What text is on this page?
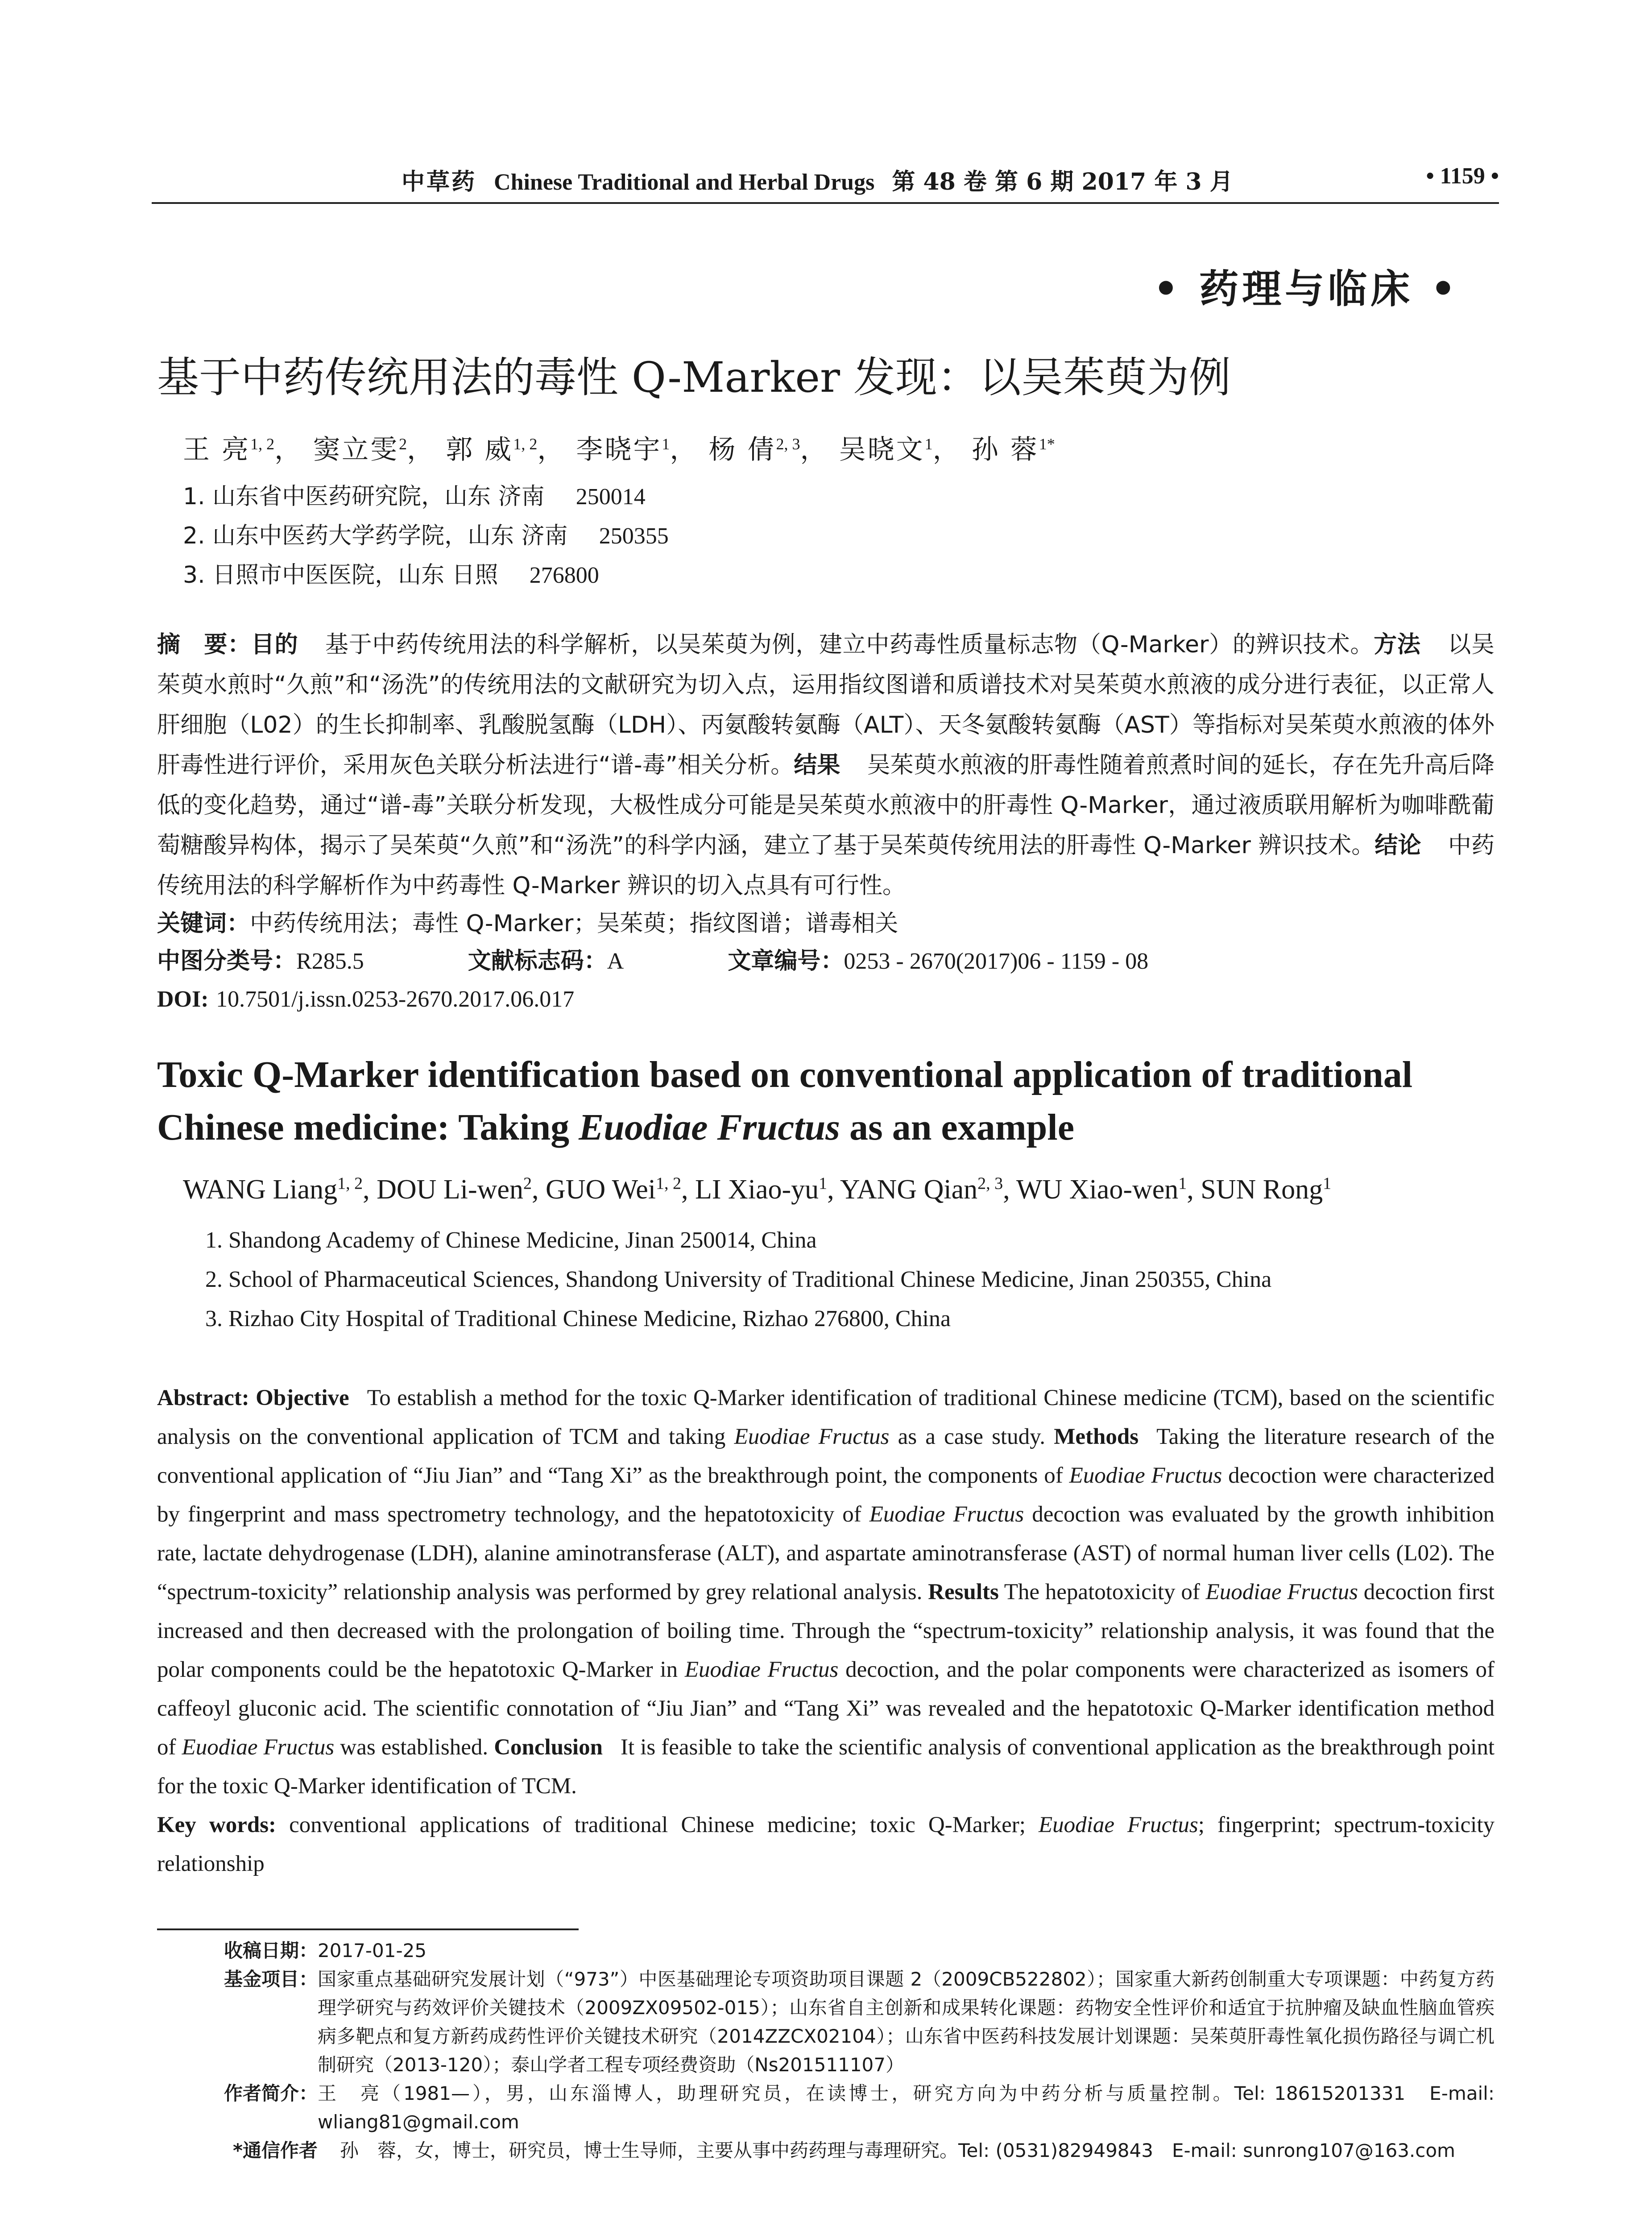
中草药 Chinese Traditional and Herbal Drugs 第 48 卷 第 6 期 2017 年 3 月	• 1159 •
• 药理与临床 •
基于中药传统用法的毒性 Q-Marker 发现：以吴茱萸为例
王 亮$^{1, 2}$， 窦立雯$^2$， 郭 威$^{1, 2}$， 李晓宇$^1$， 杨 倩$^{2, 3}$， 吴晓文$^1$， 孙 蓉$^{1*}$
1. 山东省中医药研究院，山东 济南 250014
2. 山东中医药大学药学院，山东 济南 250355
3. 日照市中医医院，山东 日照 276800
摘　要：目的 基于中药传统用法的科学解析，以吴茱萸为例，建立中药毒性质量标志物（Q-Marker）的辨识技术。方法 以吴茱萸水煎时“久煎”和“汤洗”的传统用法的文献研究为切入点，运用指纹图谱和质谱技术对吴茱萸水煎液的成分进行表征，以正常人肝细胞（L02）的生长抑制率、乳酸脱氢酶（LDH）、丙氨酸转氨酶（ALT）、天冬氨酸转氨酶（AST）等指标对吴茱萸水煎液的体外肝毒性进行评价，采用灰色关联分析法进行“谱-毒”相关分析。结果 吴茱萸水煎液的肝毒性随着煎煮时间的延长，存在先升高后降低的变化趋势，通过“谱-毒”关联分析发现，大极性成分可能是吴茱萸水煎液中的肝毒性 Q-Marker，通过液质联用解析为咖啡酰葡萄糖酸异构体，揭示了吴茱萸“久煎”和“汤洗”的科学内涵，建立了基于吴茱萸传统用法的肝毒性 Q-Marker 辨识技术。结论 中药传统用法的科学解析作为中药毒性 Q-Marker 辨识的切入点具有可行性。
关键词：中药传统用法；毒性 Q-Marker；吴茱萸；指纹图谱；谱毒相关
中图分类号：R285.5	文献标志码：A	文章编号：0253 - 2670(2017)06 - 1159 - 08
DOI: 10.7501/j.issn.0253-2670.2017.06.017
Toxic Q-Marker identification based on conventional application of traditional
Chinese medicine: Taking Euodiae Fructus as an example
WANG Liang$^{1, 2}$, DOU Li-wen$^2$, GUO Wei$^{1, 2}$, LI Xiao-$yu^1$, YANG Qian$^{2, 3}$, WU Xiao-wen$^1$, SUN Rong$^1$
1. Shandong Academy of Chinese Medicine, Jinan 250014, China
2. School of Pharmaceutical Sciences, Shandong University of Traditional Chinese Medicine, Jinan 250355, China
3. Rizhao City Hospital of Traditional Chinese Medicine, Rizhao 276800, China
Abstract: Objective To establish a method for the toxic Q-Marker identification of traditional Chinese medicine (TCM), based on the scientific analysis on the conventional application of TCM and taking Euodiae Fructus as a case study. Methods Taking the literature research of the conventional application of “Jiu Jian” and “Tang Xi” as the breakthrough point, the components of Euodiae Fructus decoction were characterized by fingerprint and mass spectrometry technology, and the hepatotoxicity of Euodiae Fructus decoction was evaluated by the growth inhibition rate, lactate dehydrogenase (LDH), alanine aminotransferase (ALT), and aspartate aminotransferase (AST) of normal human liver cells (L02). The “spectrum-toxicity” relationship analysis was performed by grey relational analysis. Results The hepatotoxicity of Euodiae Fructus decoction first increased and then decreased with the prolongation of boiling time. Through the “spectrum-toxicity” relationship analysis, it was found that the polar components could be the hepatotoxic Q-Marker in Euodiae Fructus decoction, and the polar components were characterized as isomers of caffeoyl gluconic acid. The scientific connotation of “Jiu Jian” and “Tang Xi” was revealed and the hepatotoxic Q-Marker identification method of Euodiae Fructus was established. Conclusion It is feasible to take the scientific analysis of conventional application as the breakthrough point for the toxic Q-Marker identification of TCM.
Key words: conventional applications of traditional Chinese medicine; toxic Q-Marker; Euodiae Fructus; fingerprint; spectrum-toxicity relationship
收稿日期： 2017-01-25
基金项目： 国家重点基础研究发展计划（“973”）中医基础理论专项资助项目课题 2（2009CB522802）；国家重大新药创制重大专项课题：中药复方药理学研究与药效评价关键技术（2009ZX09502-015）；山东省自主创新和成果转化课题：药物安全性评价和适宜于抗肿瘤及缺血性脑血管疾病多靶点和复方新药成药性评价关键技术研究（2014ZZCX02104）；山东省中医药科技发展计划课题：吴茱萸肝毒性氧化损伤路径与调亡机制研究（2013-120）；泰山学者工程专项经费资助（Ns201511107）
作者简介： 王　亮（1981—），男，山东淄博人，助理研究员，在读博士，研究方向为中药分析与质量控制。Tel: 18615201331　E-mail: wliang81@gmail.com
*通信作者	孙　蓉，女，博士，研究员，博士生导师，主要从事中药药理与毒理研究。Tel: (0531)82949843　E-mail: sunrong107@163.com
